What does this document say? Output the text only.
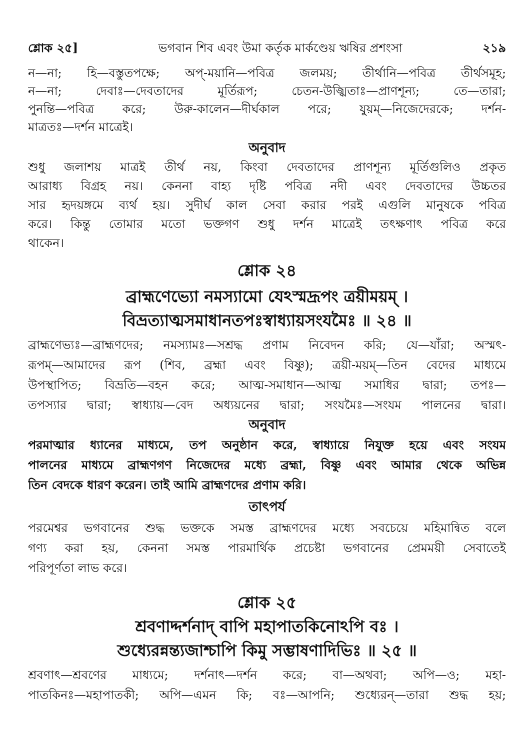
শ্লোক ২৫]	ভগবান শিব এবং উমা কর্তৃক মার্কণ্ডেয় ঋষির প্রশংসা	২১৯
ন—না; হি—বস্তুতপক্ষে; অপ্-ময়ানি—পবিত্র জলময়; তীর্থানি—পবিত্র তীর্থসমূহ;
ন—না; দেবাঃ—দেবতাদের মূর্তিরূপ; চেতন-উজ্ঝিতাঃ—প্রাণশূন্য; তে—তারা;
পুনন্তি—পবিত্র করে; উরু-কালেন—দীর্ঘকাল পরে; যুয়ম্—নিজেদেরকে; দর্শন-
মাত্রতঃ—দর্শন মাত্রেই।
অনুবাদ
শুধু জলাশয় মাত্রই তীর্থ নয়, কিংবা দেবতাদের প্রাণশূন্য মূর্তিগুলিও প্রকৃত
আরাধ্য বিগ্রহ নয়। কেননা বাহ্য দৃষ্টি পবিত্র নদী এবং দেবতাদের উচ্চতর
সার হৃদয়ঙ্গমে ব্যর্থ হয়। সুদীর্ঘ কাল সেবা করার পরই এগুলি মানুষকে পবিত্র
করে। কিন্তু তোমার মতো ভক্তগণ শুধু দর্শন মাত্রেই তৎক্ষণাৎ পবিত্র করে
থাকেন।
শ্লোক ২৪
ব্রাহ্মণেভ্যো নমস্যামো যেঽস্মদ্রূপং ত্রয়ীময়ম্ ।
বিভ্রত্যাত্মসমাধানতপঃস্বাধ্যায়সংযমৈঃ ॥ ২৪ ॥
ব্রাহ্মণেভ্যঃ—ব্রাহ্মণদের; নমস্যামঃ—সশ্রদ্ধ প্রণাম নিবেদন করি; যে—যাঁরা; অস্মৎ-
রূপম্—আমাদের রূপ (শিব, ব্রহ্মা এবং বিষ্ণু); ত্রয়ী-ময়ম্—তিন বেদের মাধ্যমে
উপস্থাপিত; বিভ্রতি—বহন করে; আত্ম-সমাধান—আত্ম সমাধির দ্বারা; তপঃ—
তপস্যার দ্বারা; স্বাধ্যায়—বেদ অধ্যয়নের দ্বারা; সংযমৈঃ—সংযম পালনের দ্বারা।
অনুবাদ
পরমাত্মার ধ্যানের মাধ্যমে, তপ অনুষ্ঠান করে, স্বাধ্যায়ে নিযুক্ত হয়ে এবং সংযম
পালনের মাধ্যমে ব্রাহ্মণগণ নিজেদের মধ্যে ব্রহ্মা, বিষ্ণু এবং আমার থেকে অভিন্ন
তিন বেদকে ধারণ করেন। তাই আমি ব্রাহ্মণদের প্রণাম করি।
তাৎপর্য
পরমেশ্বর ভগবানের শুদ্ধ ভক্তকে সমস্ত ব্রাহ্মণদের মধ্যে সবচেয়ে মহিমান্বিত বলে
গণ্য করা হয়, কেননা সমস্ত পারমার্থিক প্রচেষ্টা ভগবানের প্রেমময়ী সেবাতেই
পরিপূর্ণতা লাভ করে।
শ্লোক ২৫
শ্রবণাদ্দর্শনাদ্ বাপি মহাপাতকিনোঽপি বঃ ।
শুধ্যেরন্নন্ত্যজাশ্চাপি কিমু সম্ভাষণাদিভিঃ ॥ ২৫ ॥
শ্রবণাৎ—শ্রবণের মাধ্যমে; দর্শনাৎ—দর্শন করে; বা—অথবা; অপি—ও; মহা-
পাতকিনঃ—মহাপাতকী; অপি—এমন কি; বঃ—আপনি; শুধ্যেরন্—তারা শুদ্ধ হয়;
